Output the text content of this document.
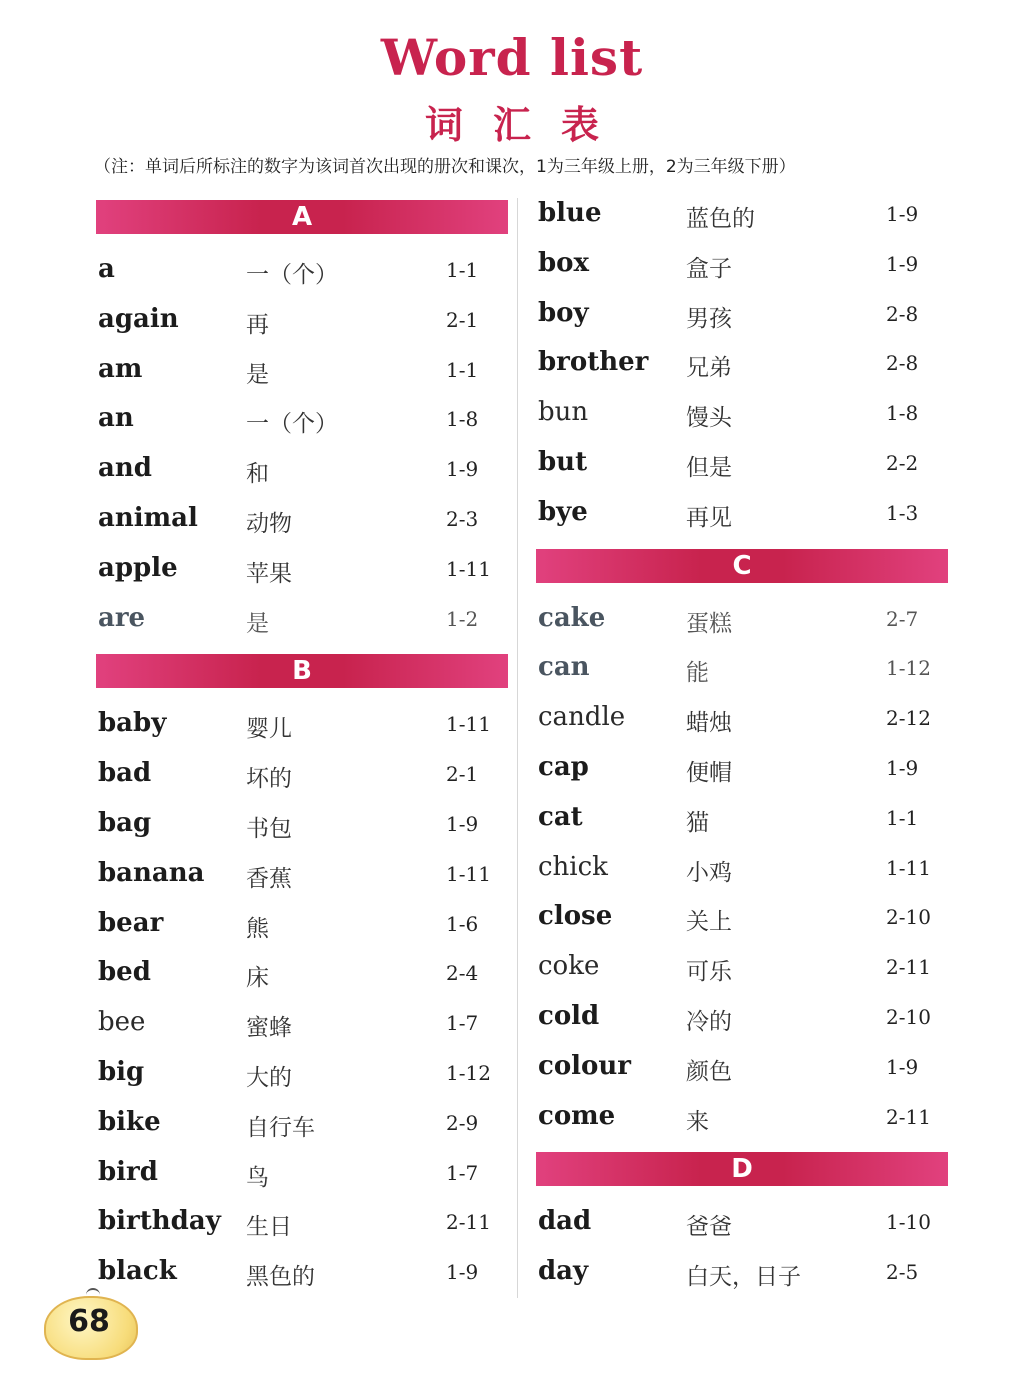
Word list
词汇表
（注：单词后所标注的数字为该词首次出现的册次和课次，1为三年级上册，2为三年级下册）
A
a	一（个）	1-1
again	再	2-1
am	是	1-1
an	一（个）	1-8
and	和	1-9
animal 动物	2-3
apple	苹果	1-11
are	是	1-2
B
baby	婴儿	1-11
bad	坏的	2-1
bag	书包	1-9
banana 香蕉	1-11
bear	熊	1-6
bed	床	2-4
bee	蜜蜂	1-7
big	大的	1-12
bike	自行车	2-9
bird	鸟	1-7
birthday 生日	2-11
black	黑色的	1-9
blue	蓝色的	1-9
box	盒子	1-9
boy	男孩	2-8
brother 兄弟	2-8
bun	馒头	1-8
but	但是	2-2
bye	再见	1-3
C
cake	蛋糕	2-7
can	能	1-12
candle	蜡烛	2-12
cap	便帽	1-9
cat	猫	1-1
chick	小鸡	1-11
close	关上	2-10
coke	可乐	2-11
cold	冷的	2-10
colour 颜色	1-9
come	来	2-11
D
dad	爸爸	1-10
day	白天，日子	2-5
68
